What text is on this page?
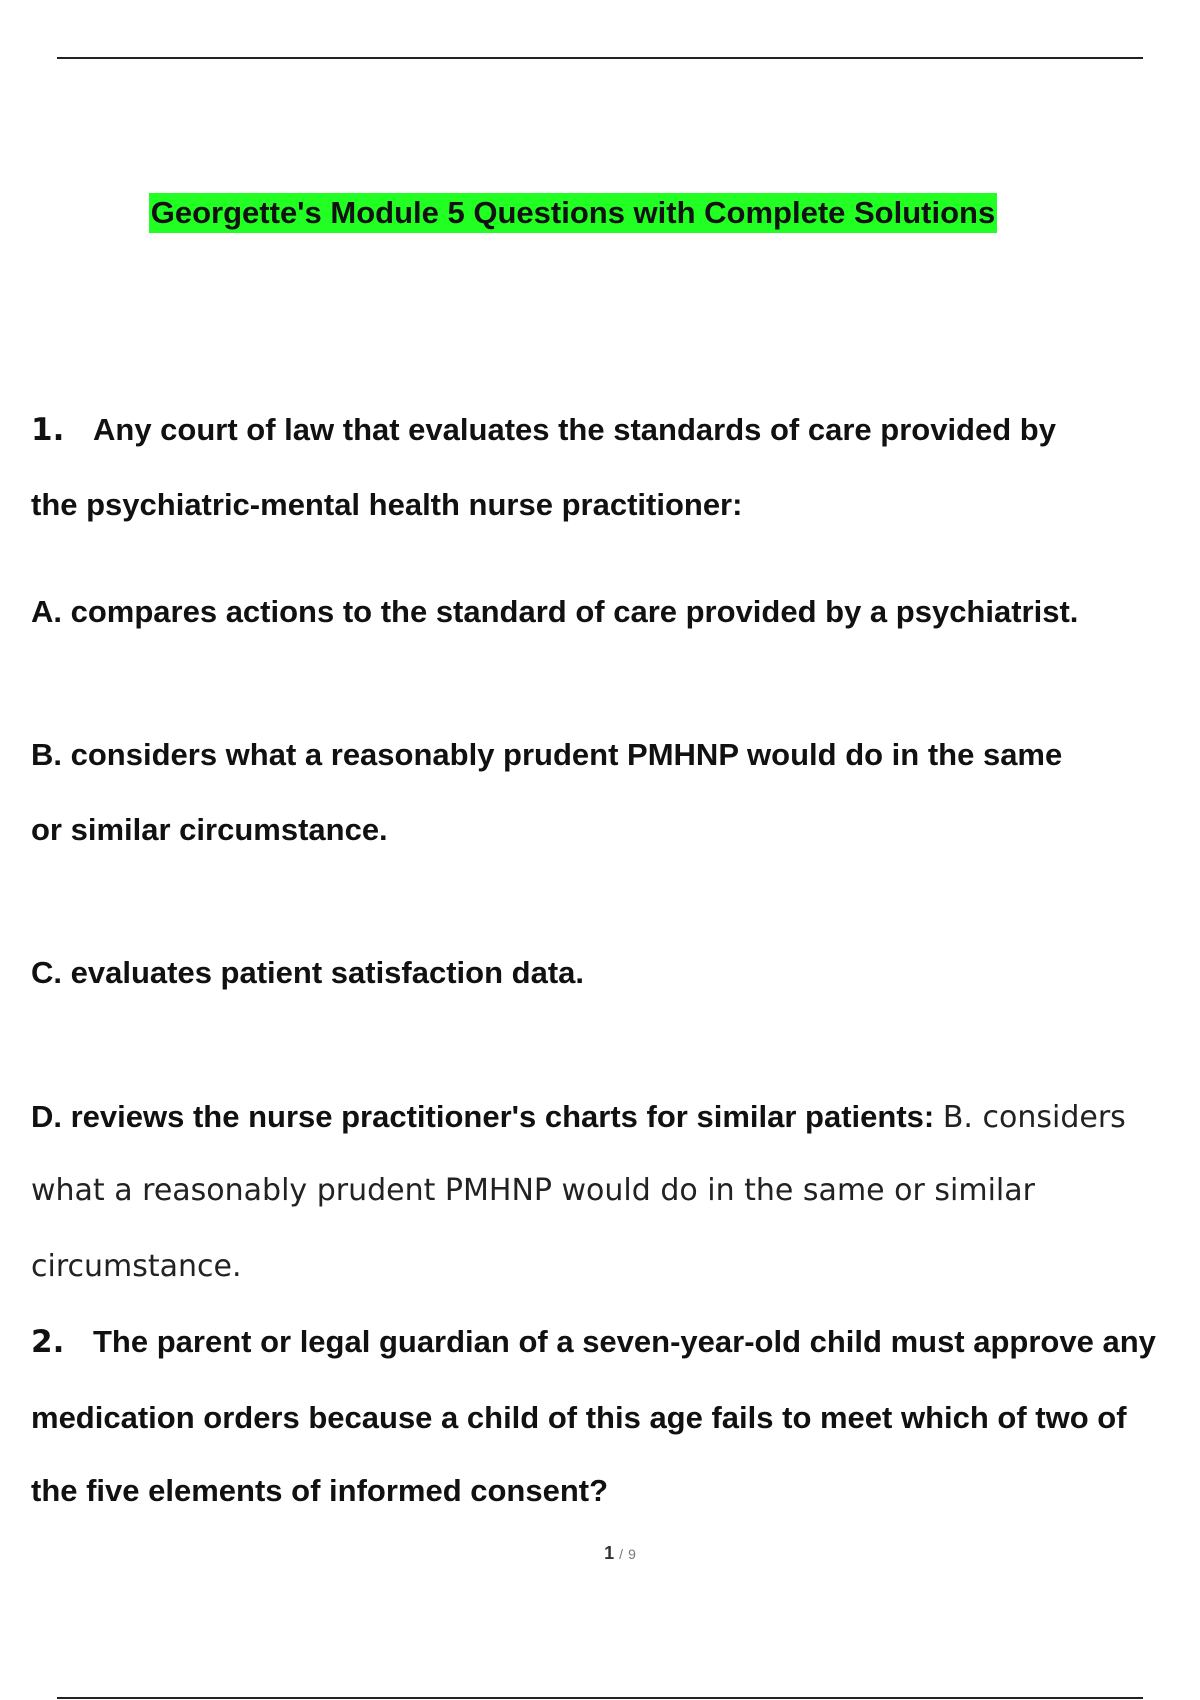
Georgette's Module 5 Questions with Complete Solutions
1. Any court of law that evaluates the standards of care provided by
the psychiatric-mental health nurse practitioner:
A. compares actions to the standard of care provided by a psychiatrist.
B. considers what a reasonably prudent PMHNP would do in the same
or similar circumstance.
C. evaluates patient satisfaction data.
D. reviews the nurse practitioner's charts for similar patients: B. considers
what a reasonably prudent PMHNP would do in the same or similar
circumstance.
2. The parent or legal guardian of a seven-year-old child must approve any
medication orders because a child of this age fails to meet which of two of
the five elements of informed consent?
1 / 9
